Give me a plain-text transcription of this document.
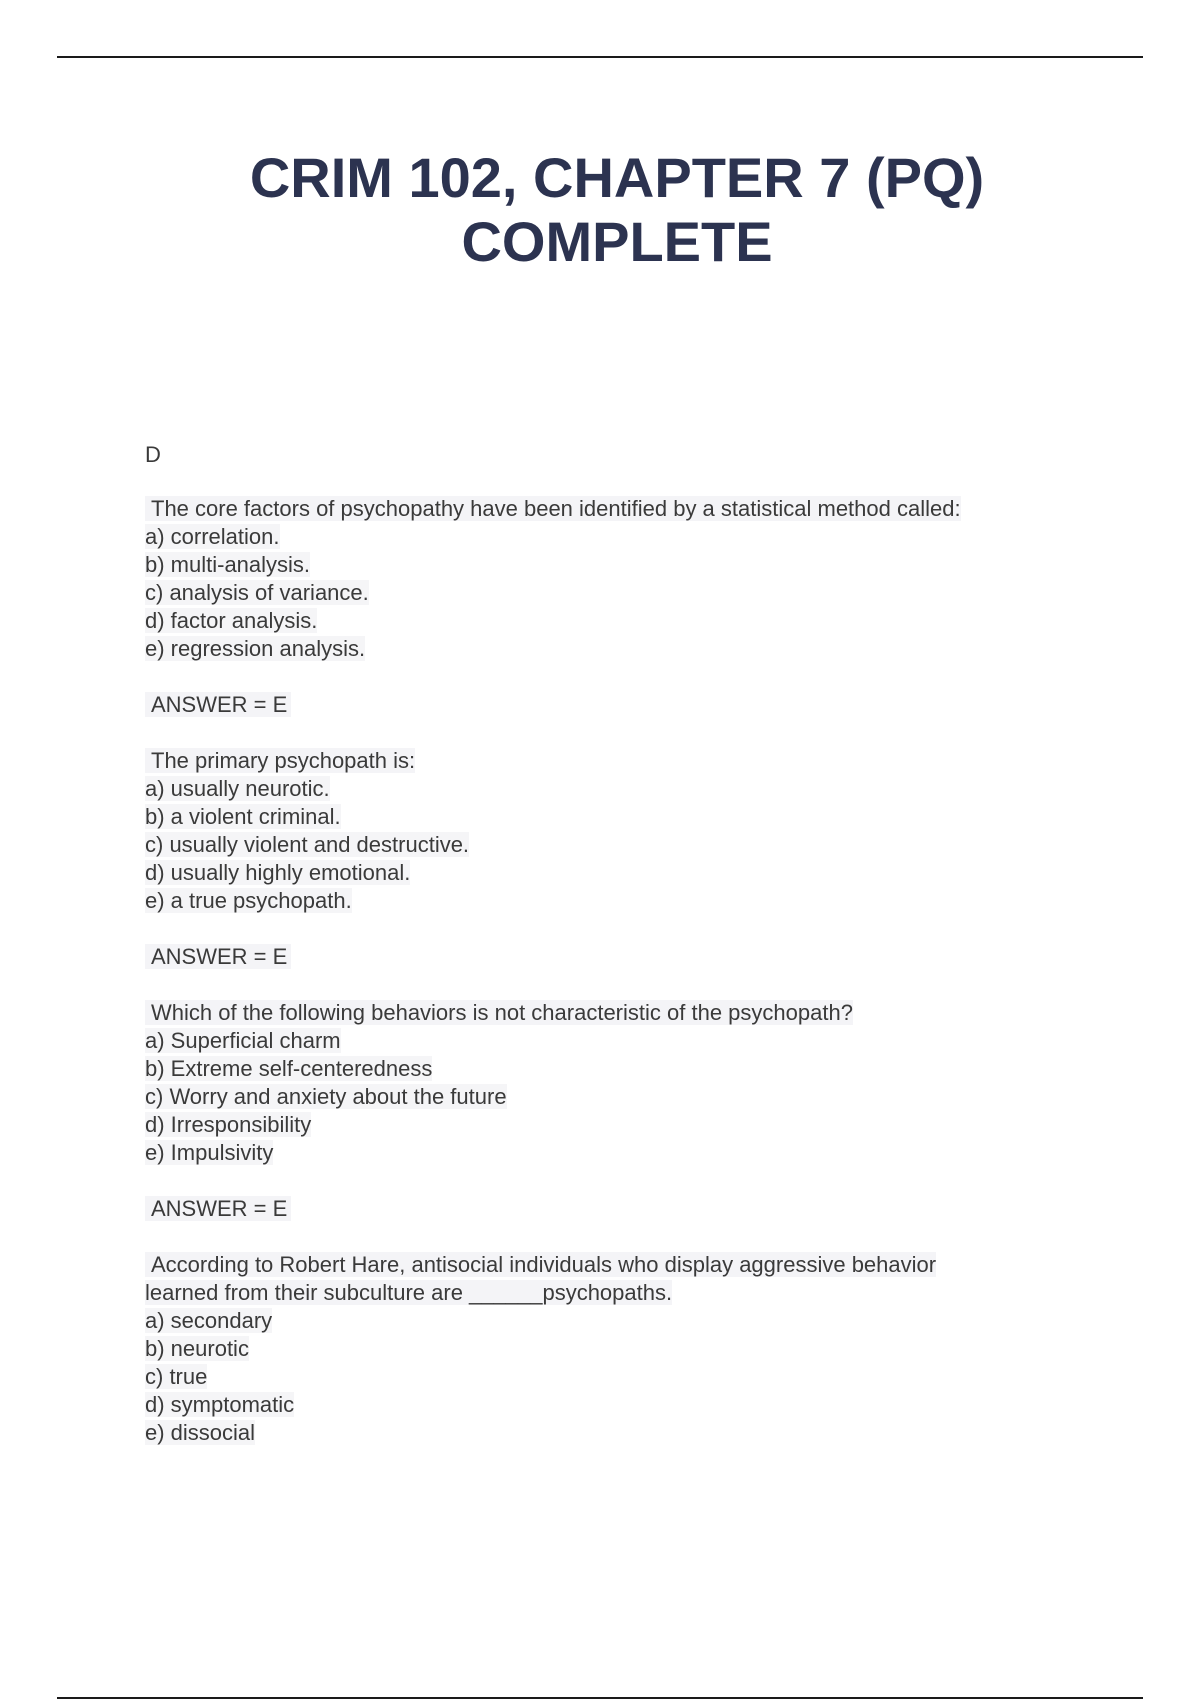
CRIM 102, CHAPTER 7 (PQ)
COMPLETE
D
The core factors of psychopathy have been identified by a statistical method called:
a) correlation.
b) multi-analysis.
c) analysis of variance.
d) factor analysis.
e) regression analysis.
ANSWER = E
The primary psychopath is:
a) usually neurotic.
b) a violent criminal.
c) usually violent and destructive.
d) usually highly emotional.
e) a true psychopath.
ANSWER = E
Which of the following behaviors is not characteristic of the psychopath?
a) Superficial charm
b) Extreme self-centeredness
c) Worry and anxiety about the future
d) Irresponsibility
e) Impulsivity
ANSWER = E
According to Robert Hare, antisocial individuals who display aggressive behavior
learned from their subculture are ______psychopaths.
a) secondary
b) neurotic
c) true
d) symptomatic
e) dissocial
